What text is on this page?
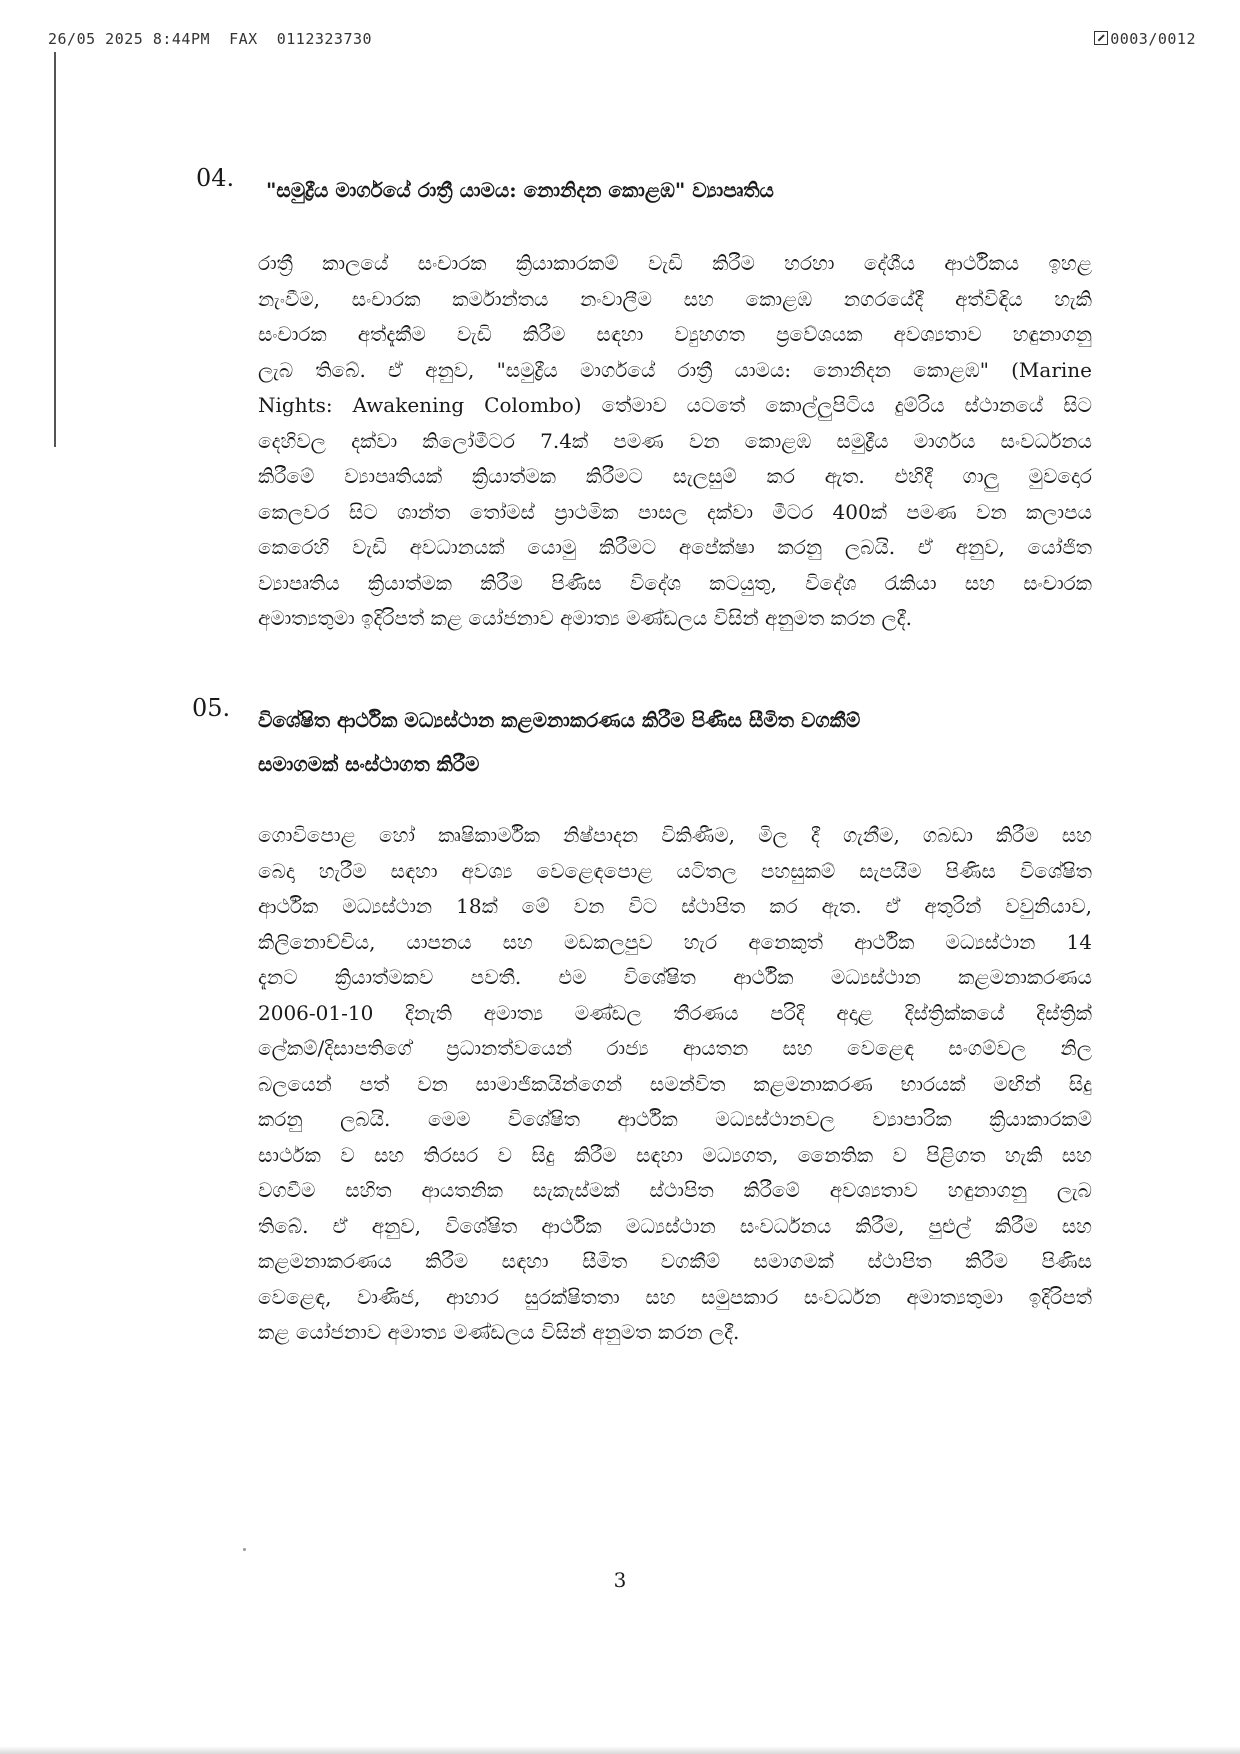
26/05 2025 8:44PM  FAX  0112323730	0003/0012
04. "සමුද්‍රීය මාර්ගයේ රාත්‍රී යාමය: නොනිදන කොළඹ" ව්‍යාපෘතිය
රාත්‍රී කාලයේ සංචාරක ක්‍රියාකාරකම් වැඩි කිරීම හරහා දේශීය ආර්ථිකය ඉහළ
නැංවීම, සංචාරක කර්මාන්තය නංවාලීම සහ කොළඹ නගරයේදී අත්විඳිය හැකි
සංචාරක අත්දැකීම වැඩි කිරීම සඳහා ව්‍යුහගත ප්‍රවේශයක අවශ්‍යතාව හඳුනාගනු
ලැබ තිබේ. ඒ අනුව, "සමුද්‍රීය මාර්ගයේ රාත්‍රී යාමය: නොනිදන කොළඹ" (Marine
Nights: Awakening Colombo) තේමාව යටතේ කොල්ලුපිටිය දුම්රිය ස්ථානයේ සිට
දෙහිවල දක්වා කිලෝමීටර 7.4ක් පමණ වන කොළඹ සමුද්‍රීය මාර්ගය සංවර්ධනය
කිරීමේ ව්‍යාපෘතියක් ක්‍රියාත්මක කිරීමට සැලසුම් කර ඇත. එහිදී ගාලු මුවදොර
කෙලවර සිට ශාන්ත තෝමස් ප්‍රාථමික පාසල දක්වා මීටර 400ක් පමණ වන කලාපය
කෙරෙහි වැඩි අවධානයක් යොමු කිරීමට අපේක්ෂා කරනු ලබයි. ඒ අනුව, යෝජිත
ව්‍යාපෘතිය ක්‍රියාත්මක කිරීම පිණිස විදේශ කටයුතු, විදේශ රැකියා සහ සංචාරක
අමාත්‍යතුමා ඉදිරිපත් කළ යෝජනාව අමාත්‍ය මණ්ඩලය විසින් අනුමත කරන ලදී.
05. විශේෂිත ආර්ථික මධ්‍යස්ථාන කළමනාකරණය කිරීම පිණිස සීමිත වගකීම්
සමාගමක් සංස්ථාගත කිරීම
ගොවිපොළ හෝ කෘෂිකාර්මික නිෂ්පාදන විකිණීම, මිල දී ගැනීම, ගබඩා කිරීම සහ
බෙදා හැරීම සඳහා අවශ්‍ය වෙළෙඳපොළ යටිතල පහසුකම් සැපයීම පිණිස විශේෂිත
ආර්ථික මධ්‍යස්ථාන 18ක් මේ වන විට ස්ථාපිත කර ඇත. ඒ අතුරින් වවුනියාව,
කිලිනොච්චිය, යාපනය සහ මඩකලපුව හැර අනෙකුත් ආර්ථික මධ්‍යස්ථාන 14
දැනට ක්‍රියාත්මකව පවතී. එම විශේෂිත ආර්ථික මධ්‍යස්ථාන කළමනාකරණය
2006-01-10 දිනැති අමාත්‍ය මණ්ඩල තීරණය පරිදි අදාළ දිස්ත්‍රික්කයේ දිස්ත්‍රික්
ලේකම්/දිසාපතිගේ ප්‍රධානත්වයෙන් රාජ්‍ය ආයතන සහ වෙළෙඳ සංගම්වල නිල
බලයෙන් පත් වන සාමාජිකයින්ගෙන් සමන්විත කළමනාකරණ භාරයක් මඟින් සිදු
කරනු ලබයි. මෙම විශේෂිත ආර්ථික මධ්‍යස්ථානවල ව්‍යාපාරික ක්‍රියාකාරකම්
සාර්ථක ව සහ තිරසර ව සිදු කිරීම සඳහා මධ්‍යගත, නෛතික ව පිළිගත හැකි සහ
වගවීම සහිත ආයතනික සැකැස්මක් ස්ථාපිත කිරීමේ අවශ්‍යතාව හඳුනාගනු ලැබ
තිබේ. ඒ අනුව, විශේෂිත ආර්ථික මධ්‍යස්ථාන සංවර්ධනය කිරීම, පුළුල් කිරීම සහ
කළමනාකරණය කිරීම සඳහා සීමිත වගකීම් සමාගමක් ස්ථාපිත කිරීම පිණිස
වෙළෙඳ, වාණිජ, ආහාර සුරක්ෂිතතා සහ සමුපකාර සංවර්ධන අමාත්‍යතුමා ඉදිරිපත්
කළ යෝජනාව අමාත්‍ය මණ්ඩලය විසින් අනුමත කරන ලදී.
3
